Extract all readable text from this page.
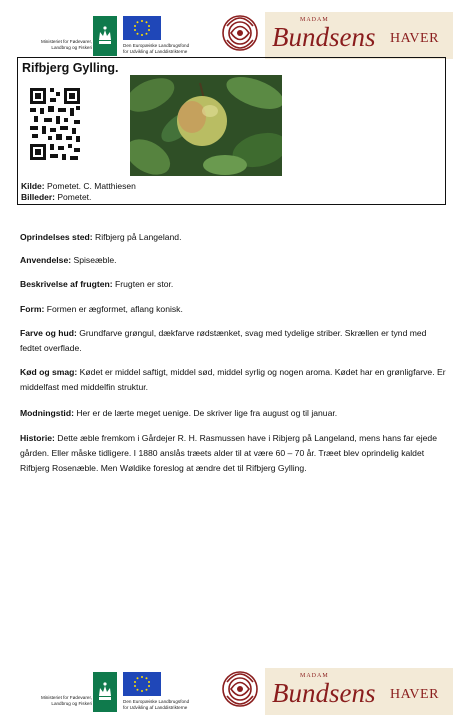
Ministeriet for Fødevarer,
Landbrug og Fiskeri	Den Europæiske Landbrugsfond
for Udvikling af Landdistrikterne
MADAM
Bundsens HAVER
Rifbjerg Gylling.
Kilde: Pometet. C. Matthiesen
Billeder: Pometet.

Oprindelses sted: Rifbjerg på Langeland.

Anvendelse: Spiseæble.

Beskrivelse af frugten: Frugten er stor.

Form: Formen er ægformet, aflang konisk.

Farve og hud: Grundfarve grøngul, dækfarve rødstænket, svag med tydelige striber. Skrællen er tynd med fedtet overflade.

Kød og smag: Kødet er middel saftigt, middel sød, middel syrlig og nogen aroma. Kødet har en grønligfarve. Er middelfast med middelfin struktur.

Modningstid: Her er de lærte meget uenige. De skriver lige fra august og til januar.

Historie: Dette æble fremkom i Gårdejer R. H. Rasmussen have i Ribjerg på Langeland, mens hans far ejede gården. Eller måske tidligere. I 1880 anslås træets alder til at være 60 – 70 år. Træet blev oprindelig kaldet Rifbjerg Rosenæble. Men Wøldike foreslog at ændre det til Rifbjerg Gylling.

Ministeriet for Fødevarer,
Landbrug og Fiskeri	Den Europæiske Landbrugsfond
for Udvikling af Landdistrikterne
MADAM
Bundsens HAVER
